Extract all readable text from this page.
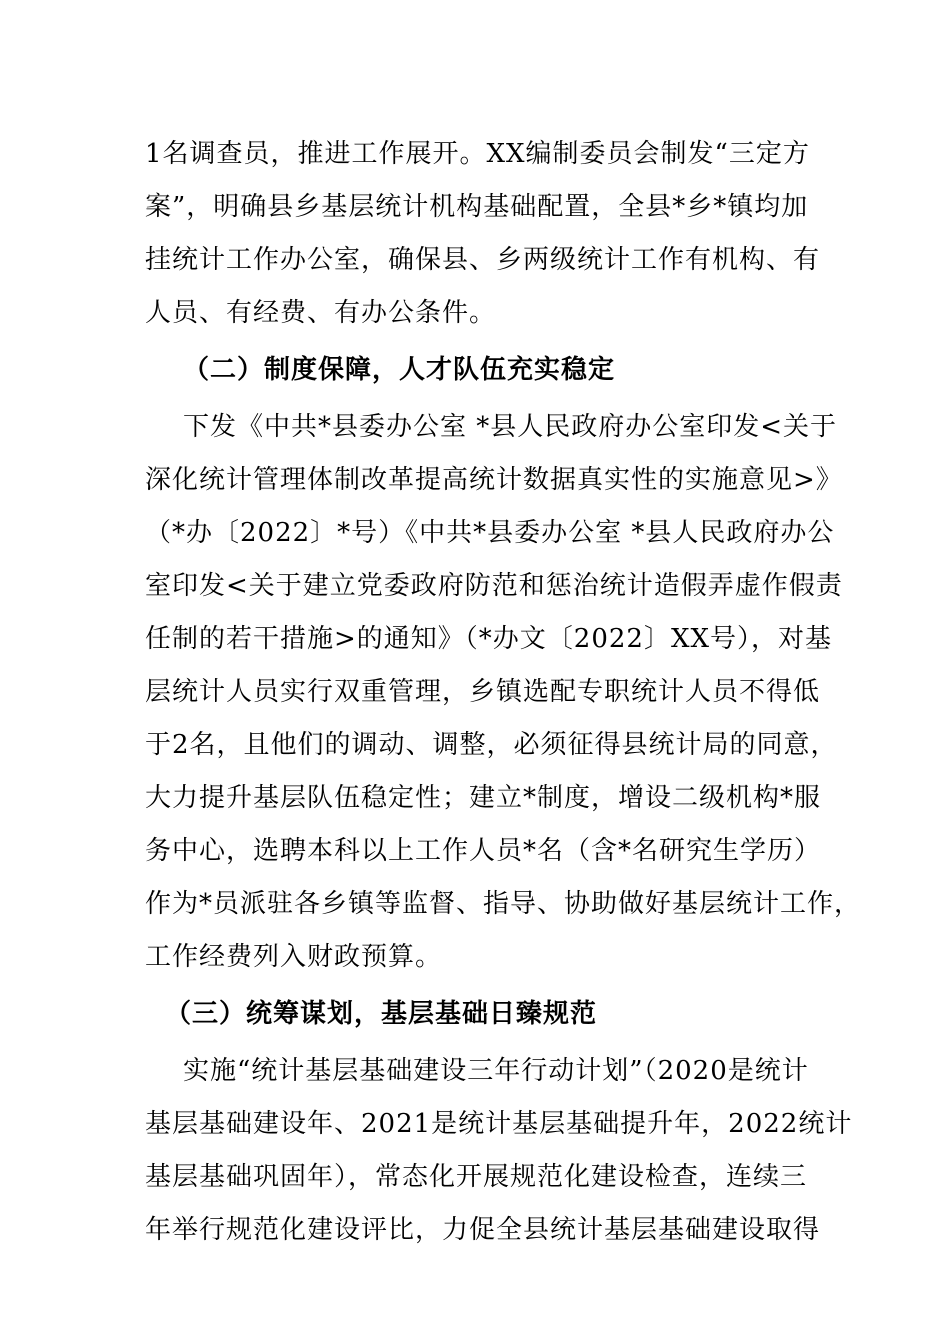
1名调查员，推进工作展开。XX编制委员会制发“三定方
案”，明确县乡基层统计机构基础配置，全县*乡*镇均加
挂统计工作办公室，确保县、乡两级统计工作有机构、有
人员、有经费、有办公条件。
（二）制度保障，人才队伍充实稳定
下发《中共*县委办公室 *县人民政府办公室印发<关于
深化统计管理体制改革提高统计数据真实性的实施意见>》
（*办〔2022〕*号）《中共*县委办公室 *县人民政府办公
室印发<关于建立党委政府防范和惩治统计造假弄虚作假责
任制的若干措施>的通知》（*办文〔2022〕XX号），对基
层统计人员实行双重管理，乡镇选配专职统计人员不得低
于2名，且他们的调动、调整，必须征得县统计局的同意，
大力提升基层队伍稳定性；建立*制度，增设二级机构*服
务中心，选聘本科以上工作人员*名（含*名研究生学历）
作为*员派驻各乡镇等监督、指导、协助做好基层统计工作，
工作经费列入财政预算。
（三）统筹谋划，基层基础日臻规范
实施“统计基层基础建设三年行动计划”（2020是统计
基层基础建设年、2021是统计基层基础提升年，2022统计
基层基础巩固年），常态化开展规范化建设检查，连续三
年举行规范化建设评比，力促全县统计基层基础建设取得
